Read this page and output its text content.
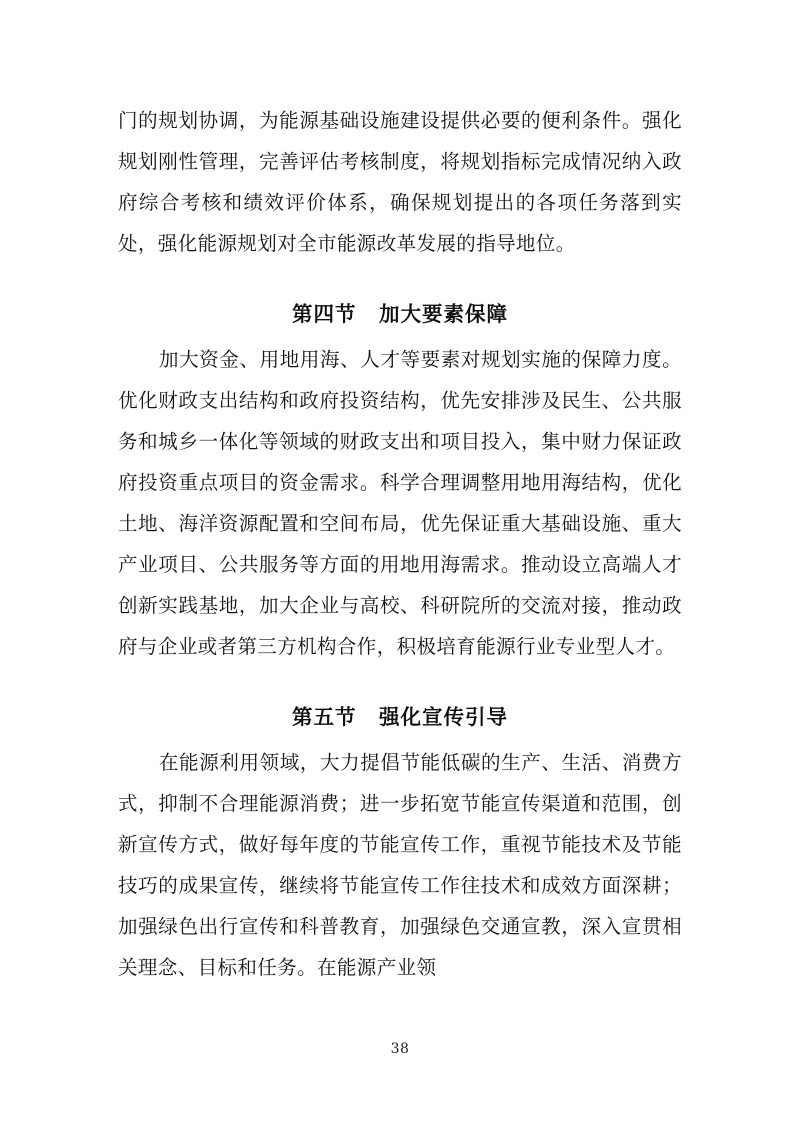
门的规划协调，为能源基础设施建设提供必要的便利条件。强化规划刚性管理，完善评估考核制度，将规划指标完成情况纳入政府综合考核和绩效评价体系，确保规划提出的各项任务落到实处，强化能源规划对全市能源改革发展的指导地位。

第四节 加大要素保障

加大资金、用地用海、人才等要素对规划实施的保障力度。优化财政支出结构和政府投资结构，优先安排涉及民生、公共服务和城乡一体化等领域的财政支出和项目投入，集中财力保证政府投资重点项目的资金需求。科学合理调整用地用海结构，优化土地、海洋资源配置和空间布局，优先保证重大基础设施、重大产业项目、公共服务等方面的用地用海需求。推动设立高端人才创新实践基地，加大企业与高校、科研院所的交流对接，推动政府与企业或者第三方机构合作，积极培育能源行业专业型人才。

第五节 强化宣传引导

在能源利用领域，大力提倡节能低碳的生产、生活、消费方式，抑制不合理能源消费；进一步拓宽节能宣传渠道和范围，创新宣传方式，做好每年度的节能宣传工作，重视节能技术及节能技巧的成果宣传，继续将节能宣传工作往技术和成效方面深耕；加强绿色出行宣传和科普教育，加强绿色交通宣教，深入宣贯相关理念、目标和任务。在能源产业领

38
